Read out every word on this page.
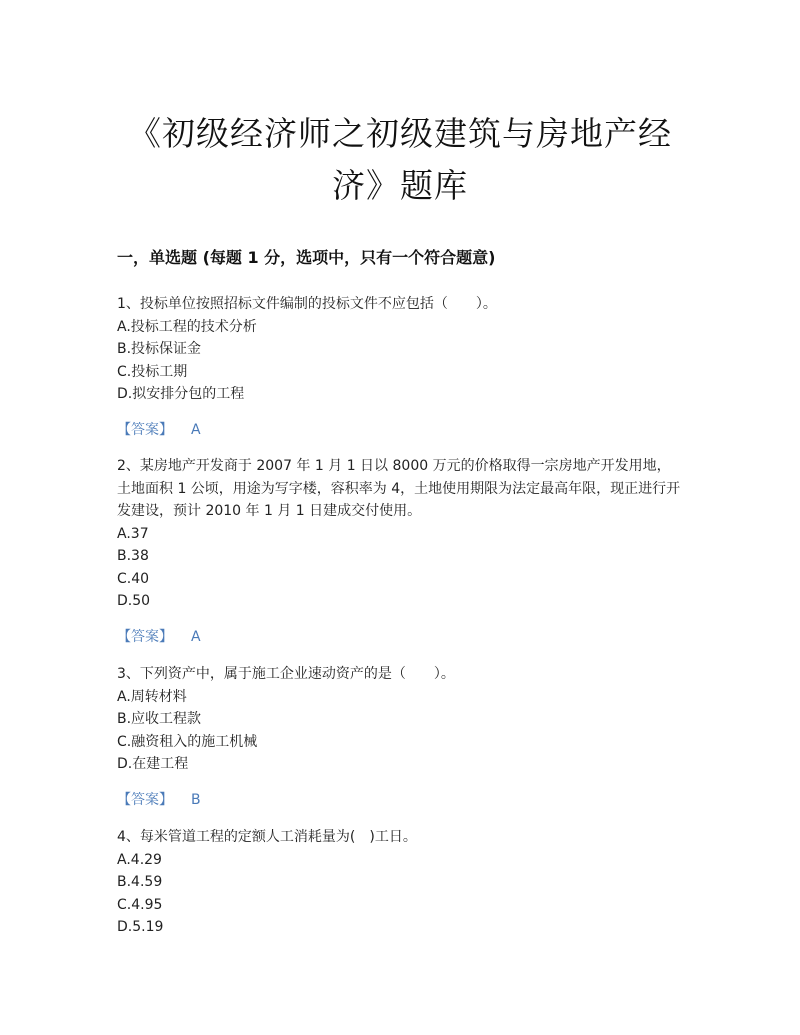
《初级经济师之初级建筑与房地产经
济》题库
一，单选题 (每题 1 分，选项中，只有一个符合题意)
1、投标单位按照招标文件编制的投标文件不应包括（　　）。
A.投标工程的技术分析
B.投标保证金
C.投标工期
D.拟安排分包的工程
【答案】 A
2、某房地产开发商于 2007 年 1 月 1 日以 8000 万元的价格取得一宗房地产开发用地，土地面积 1 公顷，用途为写字楼，容积率为 4，土地使用期限为法定最高年限，现正进行开发建设，预计 2010 年 1 月 1 日建成交付使用。
A.37
B.38
C.40
D.50
【答案】 A
3、下列资产中，属于施工企业速动资产的是（　　）。
A.周转材料
B.应收工程款
C.融资租入的施工机械
D.在建工程
【答案】 B
4、每米管道工程的定额人工消耗量为(　)工日。
A.4.29
B.4.59
C.4.95
D.5.19
